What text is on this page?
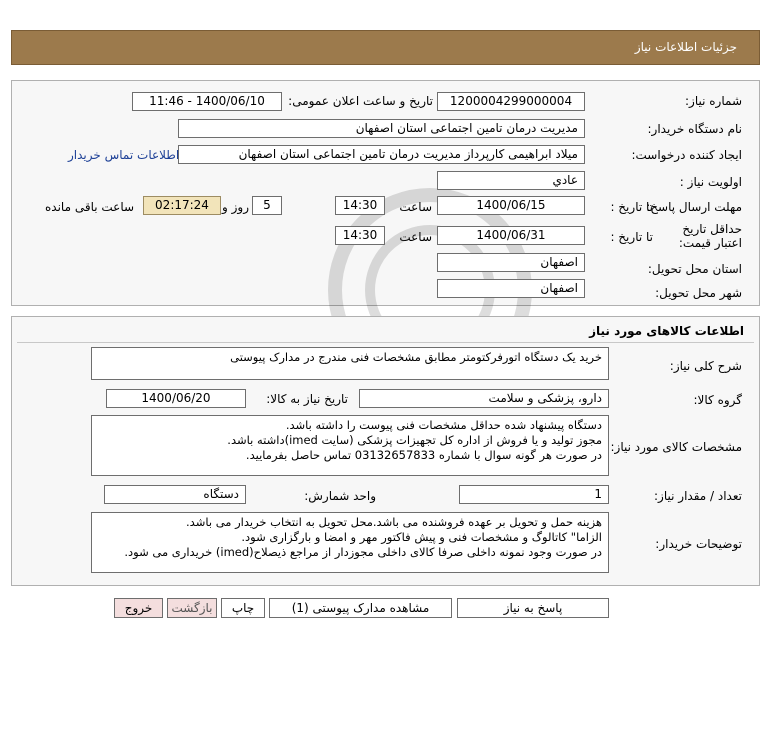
جزئیات اطلاعات نیاز
شماره نیاز:
1200004299000004
تاریخ و ساعت اعلان عمومی:
1400/06/10 - 11:46
نام دستگاه خریدار:
مدیریت درمان تامین اجتماعی استان اصفهان
ایجاد کننده درخواست:
میلاد ابراهیمی کارپرداز مدیریت درمان تامین اجتماعی استان اصفهان
اطلاعات تماس خریدار
اولویت نیاز :
عادي
مهلت ارسال پاسخ:
تا تاریخ :
1400/06/15
ساعت
14:30
5
روز و
02:17:24
ساعت باقی مانده
حداقل تاریخ اعتبار قیمت:
تا تاریخ :
1400/06/31
ساعت
14:30
استان محل تحویل:
اصفهان
شهر محل تحویل:
اصفهان
اطلاعات کالاهای مورد نیاز
شرح کلی نیاز:
خرید یک دستگاه اتورفرکتومتر مطابق مشخصات فنی مندرج در مدارک پیوستی
گروه کالا:
دارو، پزشکی و سلامت
تاریخ نیاز به کالا:
1400/06/20
مشخصات کالای مورد نیاز:
دستگاه پیشنهاد شده حداقل مشخصات فنی پیوست را داشته باشد.
مجوز تولید و یا فروش از اداره کل تجهیزات پزشکی (سایت imed)داشته باشد.
در صورت هر گونه سوال با شماره 03132657833 تماس حاصل بفرمایید.
تعداد / مقدار نیاز:
1
واحد شمارش:
دستگاه
توضیحات خریدار:
هزینه حمل و تحویل بر عهده فروشنده می باشد.محل تحویل به انتخاب خریدار می باشد.
الزاما" کاتالوگ و مشخصات فنی و پیش فاکتور مهر و امضا و بارگزاری شود.
در صورت وجود نمونه داخلی صرفا کالای داخلی مجوزدار از مراجع ذیصلاح(imed) خریداری می شود.
پاسخ به نیاز
مشاهده مدارک پیوستی (1)
چاپ
بازگشت
خروج
